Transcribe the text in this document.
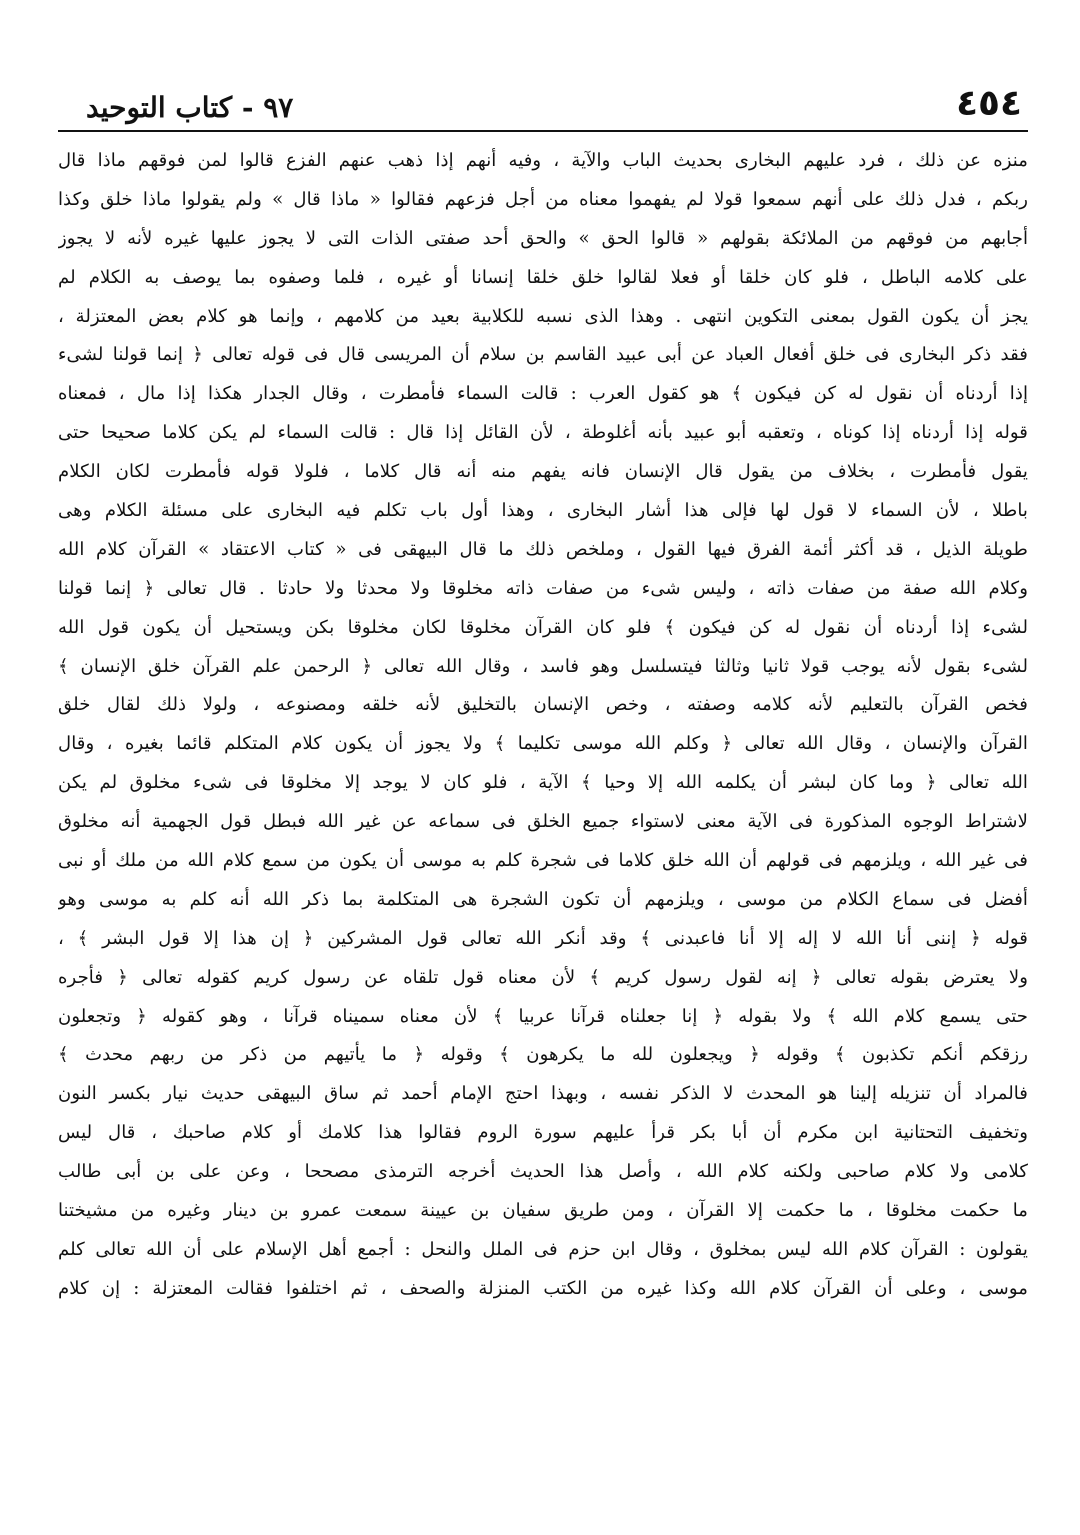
٤٥٤
٩٧ - كتاب التوحيد
منزه عن ذلك ، فرد عليهم البخارى بحديث الباب والآية ، وفيه أنهم إذا ذهب عنهم الفزع قالوا لمن فوقهم ماذا قال
ربكم ، فدل ذلك على أنهم سمعوا قولا لم يفهموا معناه من أجل فزعهم فقالوا « ماذا قال » ولم يقولوا ماذا خلق وكذا
أجابهم من فوقهم من الملائكة بقولهم « قالوا الحق » والحق أحد صفتى الذات التى لا يجوز عليها غيره لأنه لا يجوز
على كلامه الباطل ، فلو كان خلقا أو فعلا لقالوا خلق خلقا إنسانا أو غيره ، فلما وصفوه بما يوصف به الكلام لم
يجز أن يكون القول بمعنى التكوين انتهى . وهذا الذى نسبه للكلابية بعيد من كلامهم ، وإنما هو كلام بعض المعتزلة ،
فقد ذكر البخارى فى خلق أفعال العباد عن أبى عبيد القاسم بن سلام أن المريسى قال فى قوله تعالى ﴿ إنما قولنا لشىء
إذا أردناه أن نقول له كن فيكون ﴾ هو كقول العرب : قالت السماء فأمطرت ، وقال الجدار هكذا إذا مال ، فمعناه
قوله إذا أردناه إذا كوناه ، وتعقبه أبو عبيد بأنه أغلوطة ، لأن القائل إذا قال : قالت السماء لم يكن كلاما صحيحا حتى
يقول فأمطرت ، بخلاف من يقول قال الإنسان فانه يفهم منه أنه قال كلاما ، فلولا قوله فأمطرت لكان الكلام
باطلا ، لأن السماء لا قول لها فإلى هذا أشار البخارى ، وهذا أول باب تكلم فيه البخارى على مسئلة الكلام وهى
طويلة الذيل ، قد أكثر أئمة الفرق فيها القول ، وملخص ذلك ما قال البيهقى فى « كتاب الاعتقاد » القرآن كلام الله
وكلام الله صفة من صفات ذاته ، وليس شىء من صفات ذاته مخلوقا ولا محدثا ولا حادثا . قال تعالى ﴿ إنما قولنا
لشىء إذا أردناه أن نقول له كن فيكون ﴾ فلو كان القرآن مخلوقا لكان مخلوقا بكن ويستحيل أن يكون قول الله
لشىء بقول لأنه يوجب قولا ثانيا وثالثا فيتسلسل وهو فاسد ، وقال الله تعالى ﴿ الرحمن علم القرآن خلق الإنسان ﴾
فخص القرآن بالتعليم لأنه كلامه وصفته ، وخص الإنسان بالتخليق لأنه خلقه ومصنوعه ، ولولا ذلك لقال خلق
القرآن والإنسان ، وقال الله تعالى ﴿ وكلم الله موسى تكليما ﴾ ولا يجوز أن يكون كلام المتكلم قائما بغيره ، وقال
الله تعالى ﴿ وما كان لبشر أن يكلمه الله إلا وحيا ﴾ الآية ، فلو كان لا يوجد إلا مخلوقا فى شىء مخلوق لم يكن
لاشتراط الوجوه المذكورة فى الآية معنى لاستواء جميع الخلق فى سماعه عن غير الله فبطل قول الجهمية أنه مخلوق
فى غير الله ، ويلزمهم فى قولهم أن الله خلق كلاما فى شجرة كلم به موسى أن يكون من سمع كلام الله من ملك أو نبى
أفضل فى سماع الكلام من موسى ، ويلزمهم أن تكون الشجرة هى المتكلمة بما ذكر الله أنه كلم به موسى وهو
قوله ﴿ إننى أنا الله لا إله إلا أنا فاعبدنى ﴾ وقد أنكر الله تعالى قول المشركين ﴿ إن هذا إلا قول البشر ﴾ ،
ولا يعترض بقوله تعالى ﴿ إنه لقول رسول كريم ﴾ لأن معناه قول تلقاه عن رسول كريم كقوله تعالى ﴿ فأجره
حتى يسمع كلام الله ﴾ ولا بقوله ﴿ إنا جعلناه قرآنا عربيا ﴾ لأن معناه سميناه قرآنا ، وهو كقوله ﴿ وتجعلون
رزقكم أنكم تكذبون ﴾ وقوله ﴿ ويجعلون لله ما يكرهون ﴾ وقوله ﴿ ما يأتيهم من ذكر من ربهم محدث ﴾
فالمراد أن تنزيله إلينا هو المحدث لا الذكر نفسه ، وبهذا احتج الإمام أحمد ثم ساق البيهقى حديث نيار بكسر النون
وتخفيف التحتانية ابن مكرم أن أبا بكر قرأ عليهم سورة الروم فقالوا هذا كلامك أو كلام صاحبك ، قال ليس
كلامى ولا كلام صاحبى ولكنه كلام الله ، وأصل هذا الحديث أخرجه الترمذى مصححا ، وعن على بن أبى طالب
ما حكمت مخلوقا ، ما حكمت إلا القرآن ، ومن طريق سفيان بن عيينة سمعت عمرو بن دينار وغيره من مشيختنا
يقولون : القرآن كلام الله ليس بمخلوق ، وقال ابن حزم فى الملل والنحل : أجمع أهل الإسلام على أن الله تعالى كلم
موسى ، وعلى أن القرآن كلام الله وكذا غيره من الكتب المنزلة والصحف ، ثم اختلفوا فقالت المعتزلة : إن كلام
